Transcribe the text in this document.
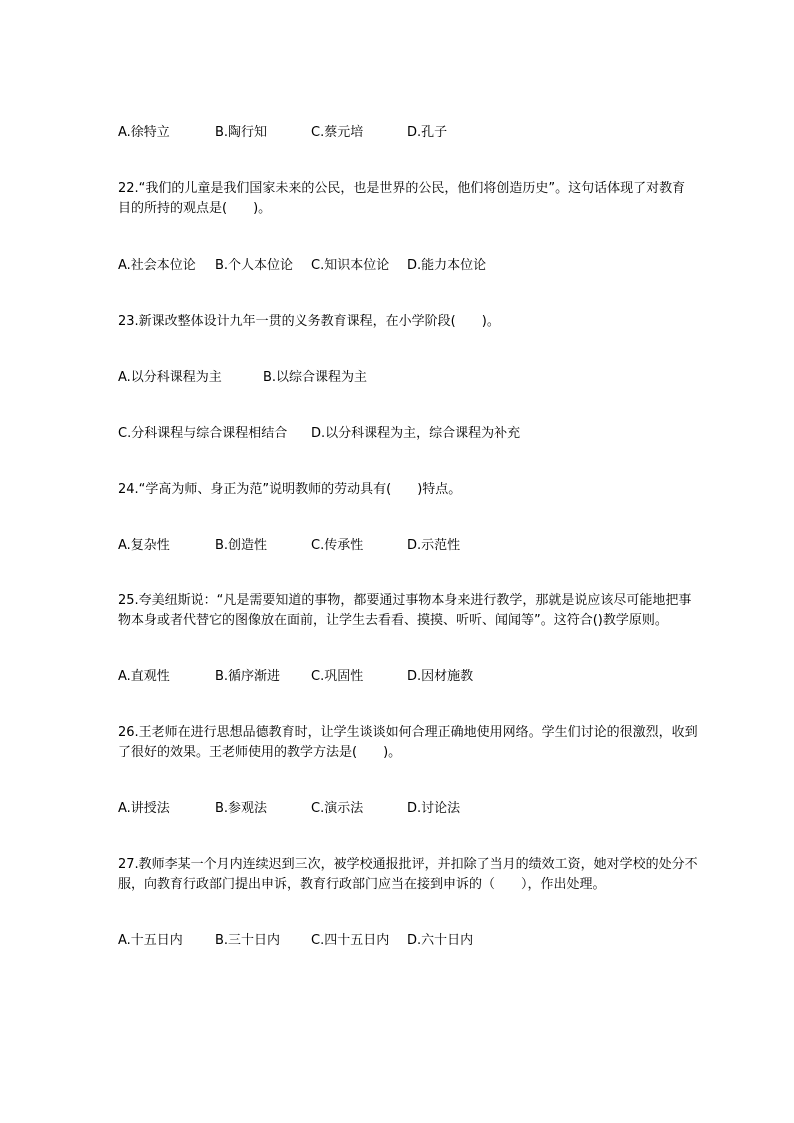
A.徐特立	B.陶行知	C.蔡元培	D.孔子
22.“我们的儿童是我们国家未来的公民，也是世界的公民，他们将创造历史”。这句话体现了对教育
目的所持的观点是(　　)。
A.社会本位论 B.个人本位论 C.知识本位论 D.能力本位论
23.新课改整体设计九年一贯的义务教育课程，在小学阶段(　　)。
A.以分科课程为主	B.以综合课程为主
C.分科课程与综合课程相结合 D.以分科课程为主，综合课程为补充
24.“学高为师、身正为范”说明教师的劳动具有(　　)特点。
A.复杂性	B.创造性	C.传承性	D.示范性
25.夸美纽斯说：“凡是需要知道的事物，都要通过事物本身来进行教学，那就是说应该尽可能地把事
物本身或者代替它的图像放在面前，让学生去看看、摸摸、听听、闻闻等”。这符合()教学原则。
A.直观性	B.循序渐进 C.巩固性	D.因材施教
26.王老师在进行思想品德教育时，让学生谈谈如何合理正确地使用网络。学生们讨论的很激烈，收到
了很好的效果。王老师使用的教学方法是(　　)。
A.讲授法	B.参观法	C.演示法	D.讨论法
27.教师李某一个月内连续迟到三次，被学校通报批评，并扣除了当月的绩效工资，她对学校的处分不
服，向教育行政部门提出申诉，教育行政部门应当在接到申诉的（　　），作出处理。
A.十五日内 B.三十日内 C.四十五日内 D.六十日内
